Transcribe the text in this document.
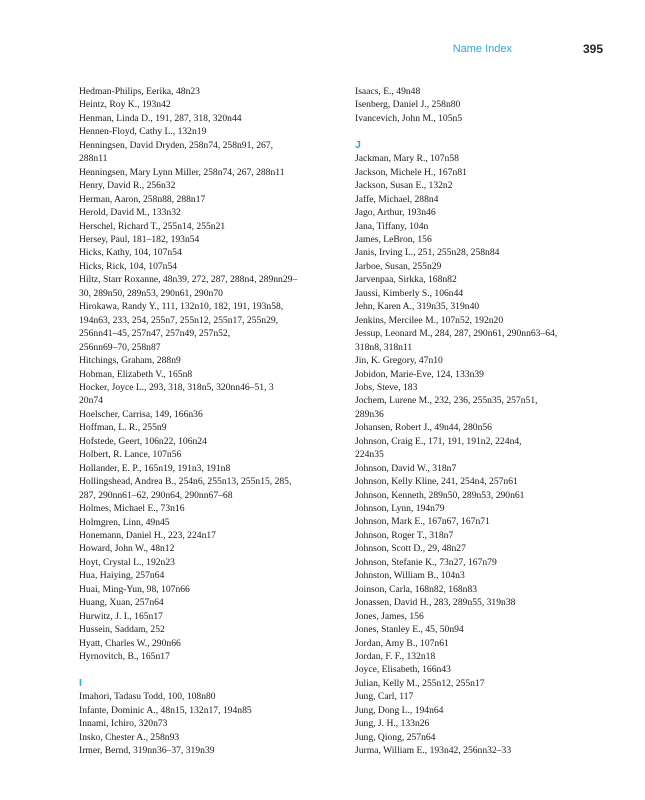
Name Index	395
Hedman-Philips, Eerika, 48n23
Heintz, Roy K., 193n42
Henman, Linda D., 191, 287, 318, 320n44
Hennen-Floyd, Cathy L., 132n19
Henningsen, David Dryden, 258n74, 258n91, 267,
288n11
Henningsen, Mary Lynn Miller, 258n74, 267, 288n11
Henry, David R., 256n32
Herman, Aaron, 258n88, 288n17
Herold, David M., 133n32
Herschel, Richard T., 255n14, 255n21
Hersey, Paul, 181–182, 193n54
Hicks, Kathy, 104, 107n54
Hicks, Rick, 104, 107n54
Hiltz, Starr Roxanne, 48n39, 272, 287, 288n4, 289nn29–
30, 289n50, 289n53, 290n61, 290n70
Hirokawa, Randy Y., 111, 132n10, 182, 191, 193n58,
194n63, 233, 254, 255n7, 255n12, 255n17, 255n29,
256nn41–45, 257n47, 257n49, 257n52,
256nn69–70, 258n87
Hitchings, Graham, 288n9
Hobman, Elizabeth V., 165n8
Hocker, Joyce L., 293, 318, 318n5, 320nn46–51, 3
20n74
Hoelscher, Carrisa, 149, 166n36
Hoffman, L. R., 255n9
Hofstede, Geert, 106n22, 106n24
Holbert, R. Lance, 107n56
Hollander, E. P., 165n19, 191n3, 191n8
Hollingshead, Andrea B., 254n6, 255n13, 255n15, 285,
287, 290nn61–62, 290n64, 290nn67–68
Holmes, Michael E., 73n16
Holmgren, Linn, 49n45
Honemann, Daniel H., 223, 224n17
Howard, John W., 48n12
Hoyt, Crystal L., 192n23
Hua, Haiying, 257n64
Huai, Ming-Yun, 98, 107n66
Huang, Xuan, 257n64
Hurwitz, J. I., 165n17
Hussein, Saddam, 252
Hyatt, Charles W., 290n66
Hyrnovitch, B., 165n17
I
Imahori, Tadasu Todd, 100, 108n80
Infante, Dominic A., 48n15, 132n17, 194n85
Innami, Ichiro, 320n73
Insko, Chester A., 258n93
Irmer, Bernd, 319nn36–37, 319n39
Isaacs, E., 49n48
Isenberg, Daniel J., 258n80
Ivancevich, John M., 105n5
J
Jackman, Mary R., 107n58
Jackson, Michele H., 167n81
Jackson, Susan E., 132n2
Jaffe, Michael, 288n4
Jago, Arthur, 193n46
Jana, Tiffany, 104n
James, LeBron, 156
Janis, Irving L., 251, 255n28, 258n84
Jarboe, Susan, 255n29
Jarvenpaa, Sirkka, 168n82
Jaussi, Kimberly S., 106n44
Jehn, Karen A., 319n35, 319n40
Jenkins, Mercilee M., 107n52, 192n20
Jessup, Leonard M., 284, 287, 290n61, 290nn63–64,
318n8, 318n11
Jin, K. Gregory, 47n10
Jobidon, Marie-Eve, 124, 133n39
Jobs, Steve, 183
Jochem, Lurene M., 232, 236, 255n35, 257n51,
289n36
Johansen, Robert J., 49n44, 280n56
Johnson, Craig E., 171, 191, 191n2, 224n4,
224n35
Johnson, David W., 318n7
Johnson, Kelly Kline, 241, 254n4, 257n61
Johnson, Kenneth, 289n50, 289n53, 290n61
Johnson, Lynn, 194n79
Johnson, Mark E., 167n67, 167n71
Johnson, Roger T., 318n7
Johnson, Scott D., 29, 48n27
Johnson, Stefanie K., 73n27, 167n79
Johnston, William B., 104n3
Joinson, Carla, 168n82, 168n83
Jonassen, David H., 283, 289n55, 319n38
Jones, James, 156
Jones, Stanley E., 45, 50n94
Jordan, Amy B., 107n61
Jordan, F. F., 132n18
Joyce, Elisabeth, 166n43
Julian, Kelly M., 255n12, 255n17
Jung, Carl, 117
Jung, Dong L., 194n64
Jung, J. H., 133n26
Jung, Qiong, 257n64
Jurma, William E., 193n42, 256nn32–33
